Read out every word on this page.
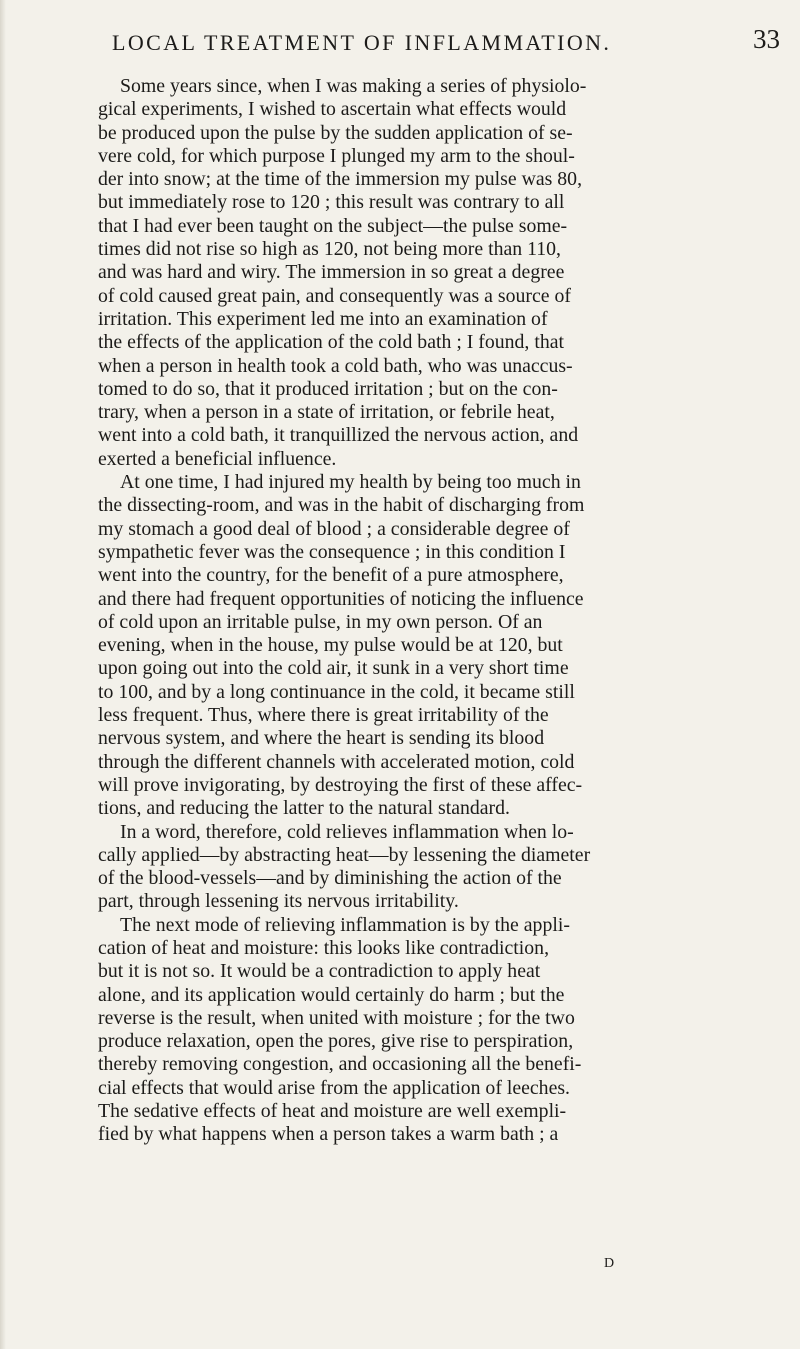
LOCAL TREATMENT OF INFLAMMATION.	33
Some years since, when I was making a series of physiolo-
gical experiments, I wished to ascertain what effects would
be produced upon the pulse by the sudden application of se-
vere cold, for which purpose I plunged my arm to the shoul-
der into snow; at the time of the immersion my pulse was 80,
but immediately rose to 120 ; this result was contrary to all
that I had ever been taught on the subject—the pulse some-
times did not rise so high as 120, not being more than 110,
and was hard and wiry. The immersion in so great a degree
of cold caused great pain, and consequently was a source of
irritation. This experiment led me into an examination of
the effects of the application of the cold bath ; I found, that
when a person in health took a cold bath, who was unaccus-
tomed to do so, that it produced irritation ; but on the con-
trary, when a person in a state of irritation, or febrile heat,
went into a cold bath, it tranquillized the nervous action, and
exerted a beneficial influence.
At one time, I had injured my health by being too much in
the dissecting-room, and was in the habit of discharging from
my stomach a good deal of blood ; a considerable degree of
sympathetic fever was the consequence ; in this condition I
went into the country, for the benefit of a pure atmosphere,
and there had frequent opportunities of noticing the influence
of cold upon an irritable pulse, in my own person. Of an
evening, when in the house, my pulse would be at 120, but
upon going out into the cold air, it sunk in a very short time
to 100, and by a long continuance in the cold, it became still
less frequent. Thus, where there is great irritability of the
nervous system, and where the heart is sending its blood
through the different channels with accelerated motion, cold
will prove invigorating, by destroying the first of these affec-
tions, and reducing the latter to the natural standard.
In a word, therefore, cold relieves inflammation when lo-
cally applied—by abstracting heat—by lessening the diameter
of the blood-vessels—and by diminishing the action of the
part, through lessening its nervous irritability.
The next mode of relieving inflammation is by the appli-
cation of heat and moisture: this looks like contradiction,
but it is not so. It would be a contradiction to apply heat
alone, and its application would certainly do harm ; but the
reverse is the result, when united with moisture ; for the two
produce relaxation, open the pores, give rise to perspiration,
thereby removing congestion, and occasioning all the benefi-
cial effects that would arise from the application of leeches.
The sedative effects of heat and moisture are well exempli-
fied by what happens when a person takes a warm bath ; a
D
